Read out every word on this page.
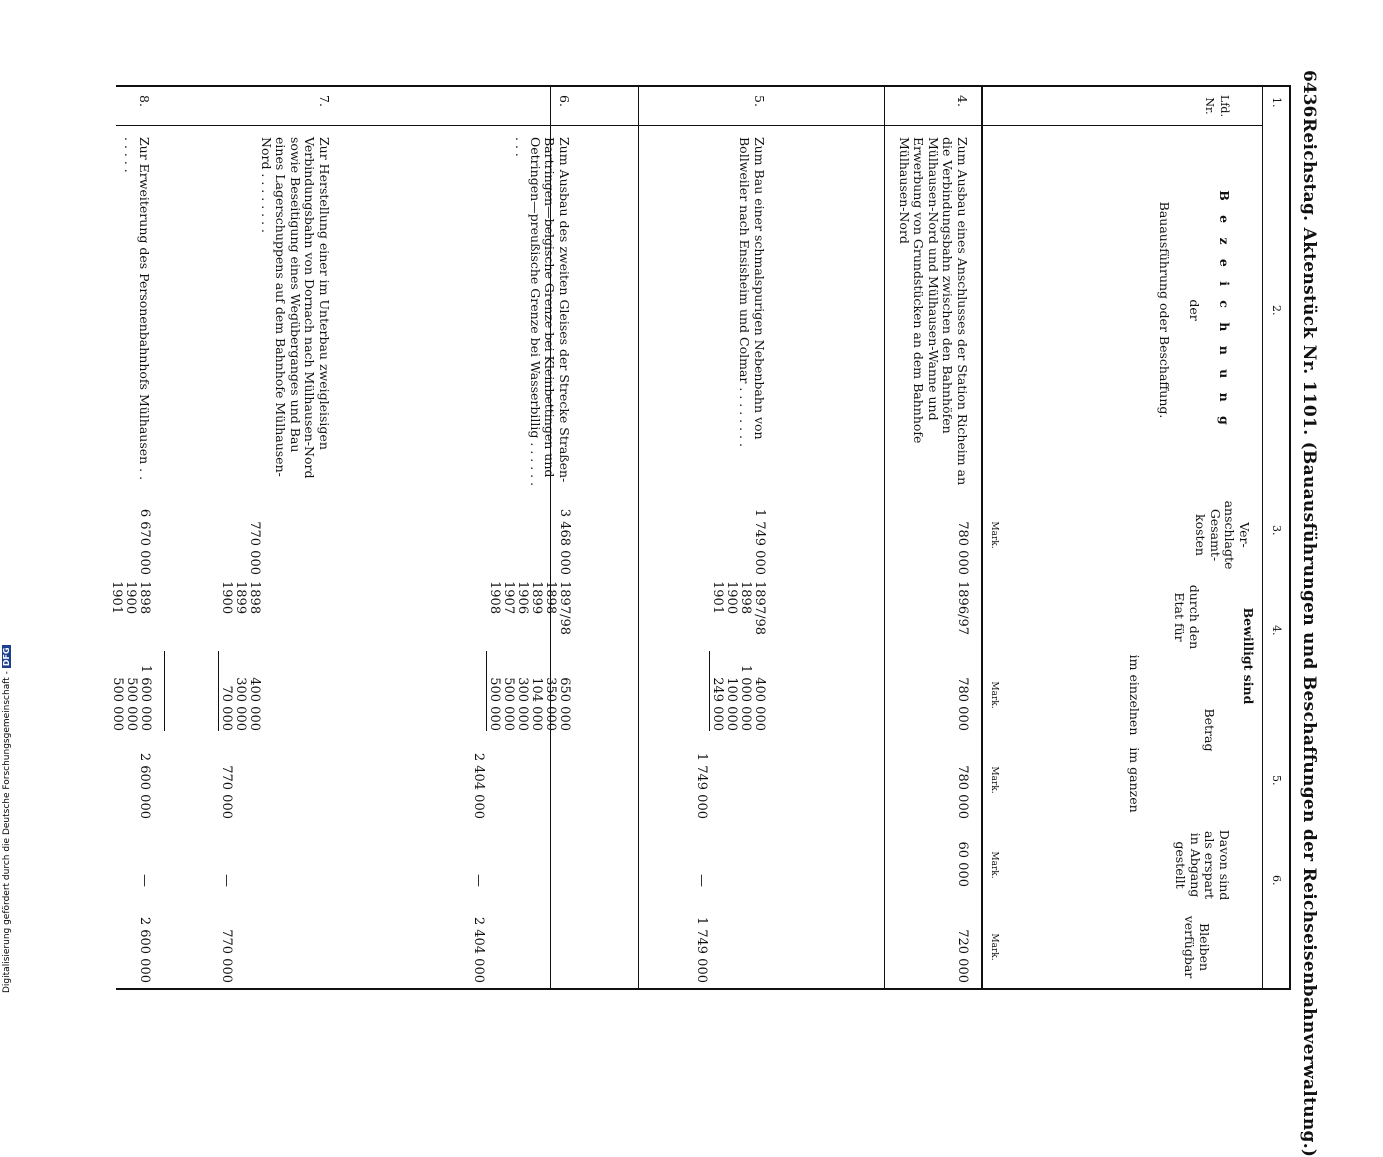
6436
Reichstag. Aktenstück Nr. 1101. (Bauausführungen und Beschaffungen der Reichseisenbahnverwaltung.)
1.
2.
3.
4.
5.
6.
Lfd. Nr.
B e z e i c h n u n g
der
Bauausführung oder Beschaffung.
Ver-anschlagte Gesamt-kosten
Mark.
Bewilligt sind
durch den Etat für
Betrag
im einzelnen
Mark.
im ganzen
Mark.
Davon sind als erspart in Abgang gestellt
Mark.
Bleiben verfügbar
Mark.
4.
Zum Ausbau eines Anschlusses der Station Richeim an die Verbindungsbahn zwischen den Bahnhöfen Mülhausen-Nord und Mülhausen-Wanne und Erwerbung von Grundstücken an dem Bahnhofe Mülhausen-Nord
780 000
1896/97
780 000
780 000
60 000
720 000
5.
Zum Bau einer schmalspurigen Nebenbahn von Bollweiler nach Ensisheim und Colmar . . . . . . . .
1 749 000
1897/98
1898
1900
1901
400 000
1 000 000
100 000
249 000
1 749 000
—
1 749 000
6.
Zum Ausbau des zweiten Gleises der Strecke Straßen-Bartringen—belgische Grenze bei Kleinbettingen und Oetringen—preußische Grenze bei Wasserbillig . . . . . . . . .
3 468 000
1897/98
1898
1899
1906
1907
1908
650 000
350 000
104 000
300 000
500 000
500 000
2 404 000
—
2 404 000
7.
Zur Herstellung einer im Unterbau zweigleisigen Verbindungsbahn von Dornach nach Mülhausen-Nord sowie Beseitigung eines Wegüberganges und Bau eines Lagerschuppens auf dem Bahnhofe Mülhausen-Nord . . . . . . . .
770 000
1898
1899
1900
400 000
300 000
70 000
770 000
—
770 000
8.
Zur Erweiterung des Personenbahnhofs Mülhausen . . . . . . .
6 670 000
1898
1900
1901
1 600 000
500 000
500 000
2 600 000
—
2 600 000
Digitalisierung gefördert durch die Deutsche Forschungsgemeinschaft -DFG
